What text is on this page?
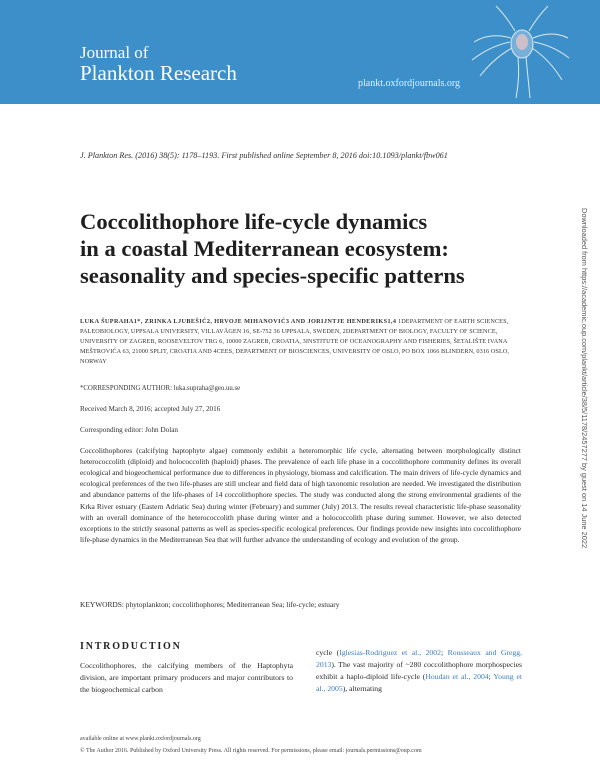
Journal of
Plankton Research	plankt.oxfordjournals.org
J. Plankton Res. (2016) 38(5): 1178–1193. First published online September 8, 2016 doi:10.1093/plankt/fbw061
Coccolithophore life-cycle dynamics
in a coastal Mediterranean ecosystem:
seasonality and species-specific patterns
LUKA ŠUPRAHA1*, ZRINKA LJUBEŠIĆ2, HRVOJE MIHANOVIĆ3 AND JORIJNTJE HENDERIKS1,4 1DEPARTMENT OF EARTH SCIENCES, PALEOBIOLOGY, UPPSALA UNIVERSITY, VILLAVÄGEN 16, SE-752 36 UPPSALA, SWEDEN, 2DEPARTMENT OF BIOLOGY, FACULTY OF SCIENCE, UNIVERSITY OF ZAGREB, ROOSEVELTOV TRG 6, 10000 ZAGREB, CROATIA, 3INSTITUTE OF OCEANOGRAPHY AND FISHERIES, ŠETALIŠTE IVANA MEŠTROVIĆA 63, 21000 SPLIT, CROATIA AND 4CEES, DEPARTMENT OF BIOSCIENCES, UNIVERSITY OF OSLO, PO BOX 1066 BLINDERN, 0316 OSLO, NORWAY
*CORRESPONDING AUTHOR: luka.supraha@geo.uu.se
Received March 8, 2016; accepted July 27, 2016
Corresponding editor: John Dolan

Coccolithophores (calcifying haptophyte algae) commonly exhibit a heteromorphic life cycle, alternating between morphologically distinct heterococcolith (diploid) and holococcolith (haploid) phases. The prevalence of each life phase in a coccolithophore community defines its overall ecological and biogeochemical performance due to differences in physiology, biomass and calcification. The main drivers of life-cycle dynamics and ecological preferences of the two life-phases are still unclear and field data of high taxonomic resolution are needed. We investigated the distribution and abundance patterns of the life-phases of 14 coccolithophore species. The study was conducted along the strong environmental gradients of the Krka River estuary (Eastern Adriatic Sea) during winter (February) and summer (July) 2013. The results reveal characteristic life-phase seasonality with an overall dominance of the heterococcolith phase during winter and a holococcolith phase during summer. However, we also detected exceptions to the strictly seasonal patterns as well as species-specific ecological preferences. Our findings provide new insights into coccolithophore life-phase dynamics in the Mediterranean Sea that will further advance the understanding of ecology and evolution of the group.

KEYWORDS: phytoplankton; coccolithophores; Mediterranean Sea; life-cycle; estuary
INTRODUCTION

Coccolithophores, the calcifying members of the Haptophyta division, are important primary producers and major contributors to the biogeochemical carbon

cycle (Iglesias-Rodriguez et al., 2002; Rousseaux and Gregg, 2013). The vast majority of ~280 coccolithophore morphospecies exhibit a haplo-diploid life-cycle (Houdan et al., 2004; Young et al., 2005), alternating

available online at www.plankt.oxfordjournals.org
© The Author 2016. Published by Oxford University Press. All rights reserved. For permissions, please email: journals.permissions@oup.com
Downloaded from https://academic.oup.com/plankt/article/38/5/1178/2457277 by guest on 14 June 2022
